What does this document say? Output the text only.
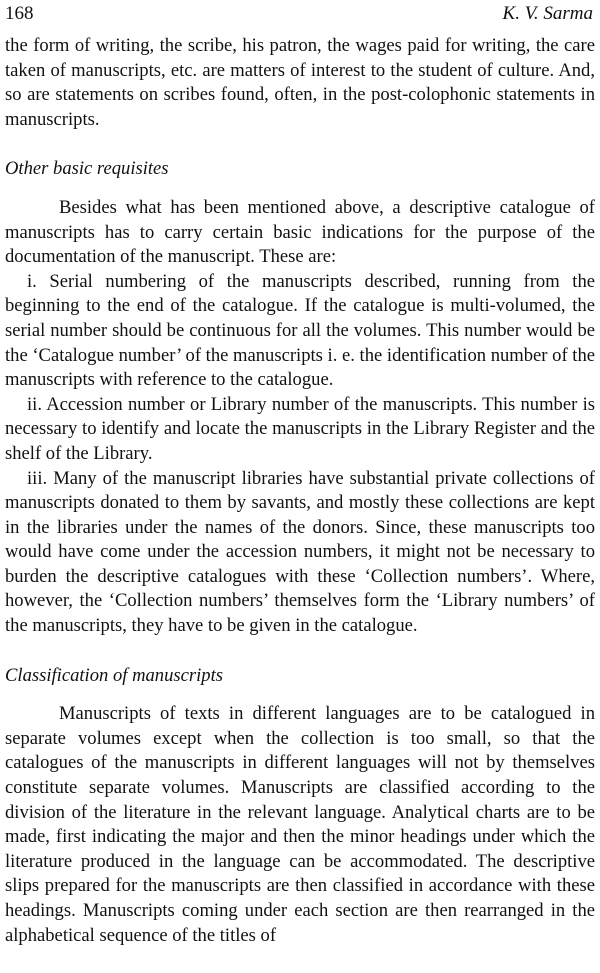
168	K. V. Sarma

the form of writing, the scribe, his patron, the wages paid for writing, the care taken of manuscripts, etc. are matters of interest to the student of culture. And, so are statements on scribes found, often, in the post-colophonic statements in manuscripts.

Other basic requisites

Besides what has been mentioned above, a descriptive catalogue of manuscripts has to carry certain basic indications for the purpose of the documentation of the manuscript. These are:

i. Serial numbering of the manuscripts described, running from the beginning to the end of the catalogue. If the catalogue is multi-volumed, the serial number should be continuous for all the volumes. This number would be the ‘Catalogue number’ of the manuscripts i. e. the identification number of the manuscripts with reference to the catalogue.

ii. Accession number or Library number of the manuscripts. This number is necessary to identify and locate the manuscripts in the Library Register and the shelf of the Library.

iii. Many of the manuscript libraries have substantial private collections of manuscripts donated to them by savants, and mostly these collections are kept in the libraries under the names of the donors. Since, these manuscripts too would have come under the accession numbers, it might not be necessary to burden the descriptive catalogues with these ‘Collection numbers’. Where, however, the ‘Collection numbers’ themselves form the ‘Library numbers’ of the manuscripts, they have to be given in the catalogue.

Classification of manuscripts

Manuscripts of texts in different languages are to be catalogued in separate volumes except when the collection is too small, so that the catalogues of the manuscripts in different languages will not by themselves constitute separate volumes. Manuscripts are classified according to the division of the literature in the relevant language. Analytical charts are to be made, first indicating the major and then the minor headings under which the literature produced in the language can be accommodated. The descriptive slips prepared for the manuscripts are then classified in accordance with these headings. Manuscripts coming under each section are then rearranged in the alphabetical sequence of the titles of
